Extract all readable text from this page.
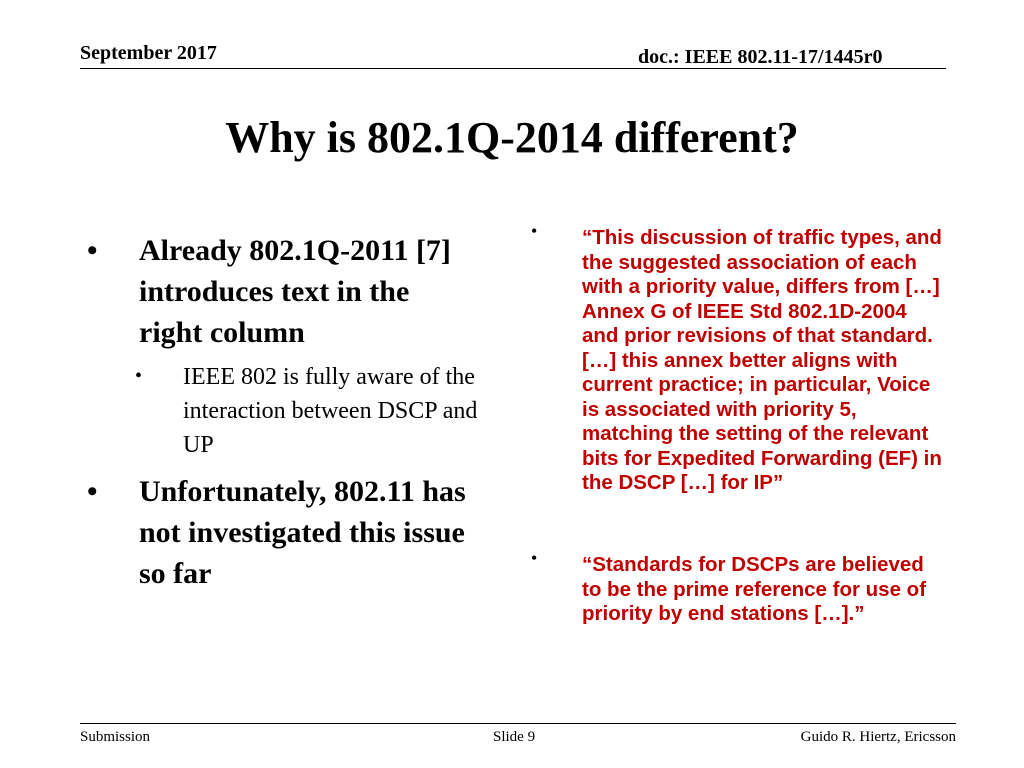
September 2017	doc.: IEEE 802.11-17/1445r0
Why is 802.1Q-2014 different?
• Already 802.1Q-2011 [7] introduces text in the right column
• IEEE 802 is fully aware of the interaction between DSCP and UP
• Unfortunately, 802.11 has not investigated this issue so far
• “This discussion of traffic types, and the suggested association of each with a priority value, differs from […] Annex G of IEEE Std 802.1D-2004 and prior revisions of that standard. […] this annex better aligns with current practice; in particular, Voice is associated with priority 5, matching the setting of the relevant bits for Expedited Forwarding (EF) in the DSCP […] for IP”
• “Standards for DSCPs are believed to be the prime reference for use of priority by end stations […].”
Submission	Slide 9	Guido R. Hiertz, Ericsson
